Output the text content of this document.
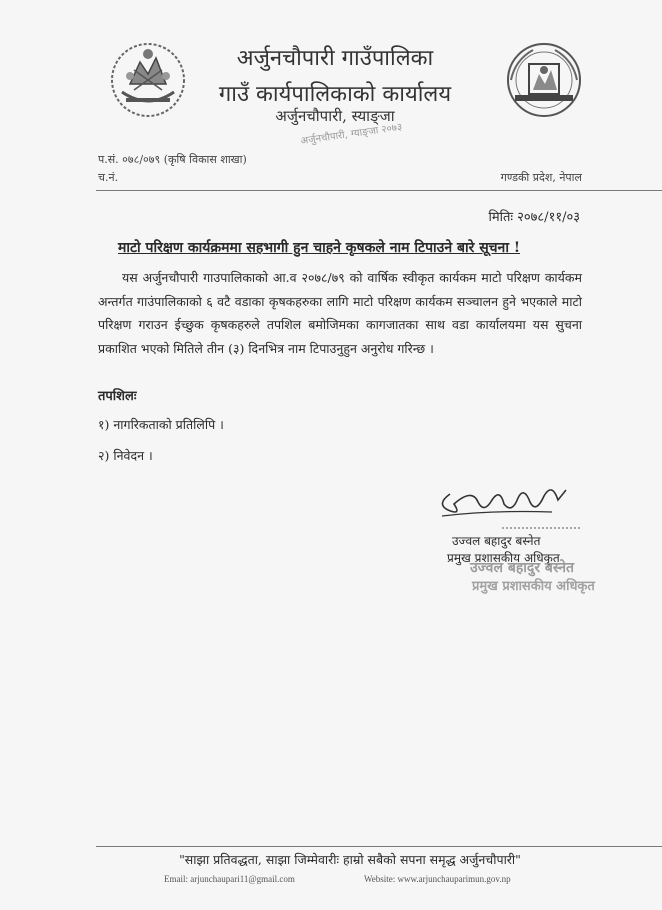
अर्जुनचौपारी गाउँपालिका
गाउँ कार्यपालिकाको कार्यालय
अर्जुनचौपारी, स्याङ्जा
अर्जुनचौपारी, ग्याङ्जा २०७३
प.सं. ०७८/०७९ (कृषि विकास शाखा)
च.नं.	गण्डकी प्रदेश, नेपाल
मितिः २०७८/११/०३
माटो परिक्षण कार्यक्रममा सहभागी हुन चाहने कृषकले नाम टिपाउने बारे सूचना !
यस अर्जुनचौपारी गाउपालिकाको आ.व २०७८/७९ को वार्षिक स्वीकृत कार्यकम माटो परिक्षण कार्यकम अन्तर्गत गाउंपालिकाको ६ वटै वडाका कृषकहरुका लागि माटो परिक्षण कार्यकम सञ्चालन हुने भएकाले माटो परिक्षण गराउन ईच्छुक कृषकहरुले तपशिल बमोजिमका कागजातका साथ वडा कार्यालयमा यस सुचना प्रकाशित भएको मितिले तीन (३) दिनभित्र नाम टिपाउनुहुन अनुरोध गरिन्छ ।
तपशिलः
१) नागरिकताको प्रतिलिपि ।
२) निवेदन ।
उज्वल बहादुर बस्नेत
प्रमुख प्रशासकीय अधिकृत
उज्वल बहादुर बस्नेत
प्रमुख प्रशासकीय अधिकृत
"साझा प्रतिवद्धता, साझा जिम्मेवारीः हाम्रो सबैको सपना समृद्ध अर्जुनचौपारी"
Email: arjunchaupari11@gmail.com	Website: www.arjunchauparimun.gov.np
